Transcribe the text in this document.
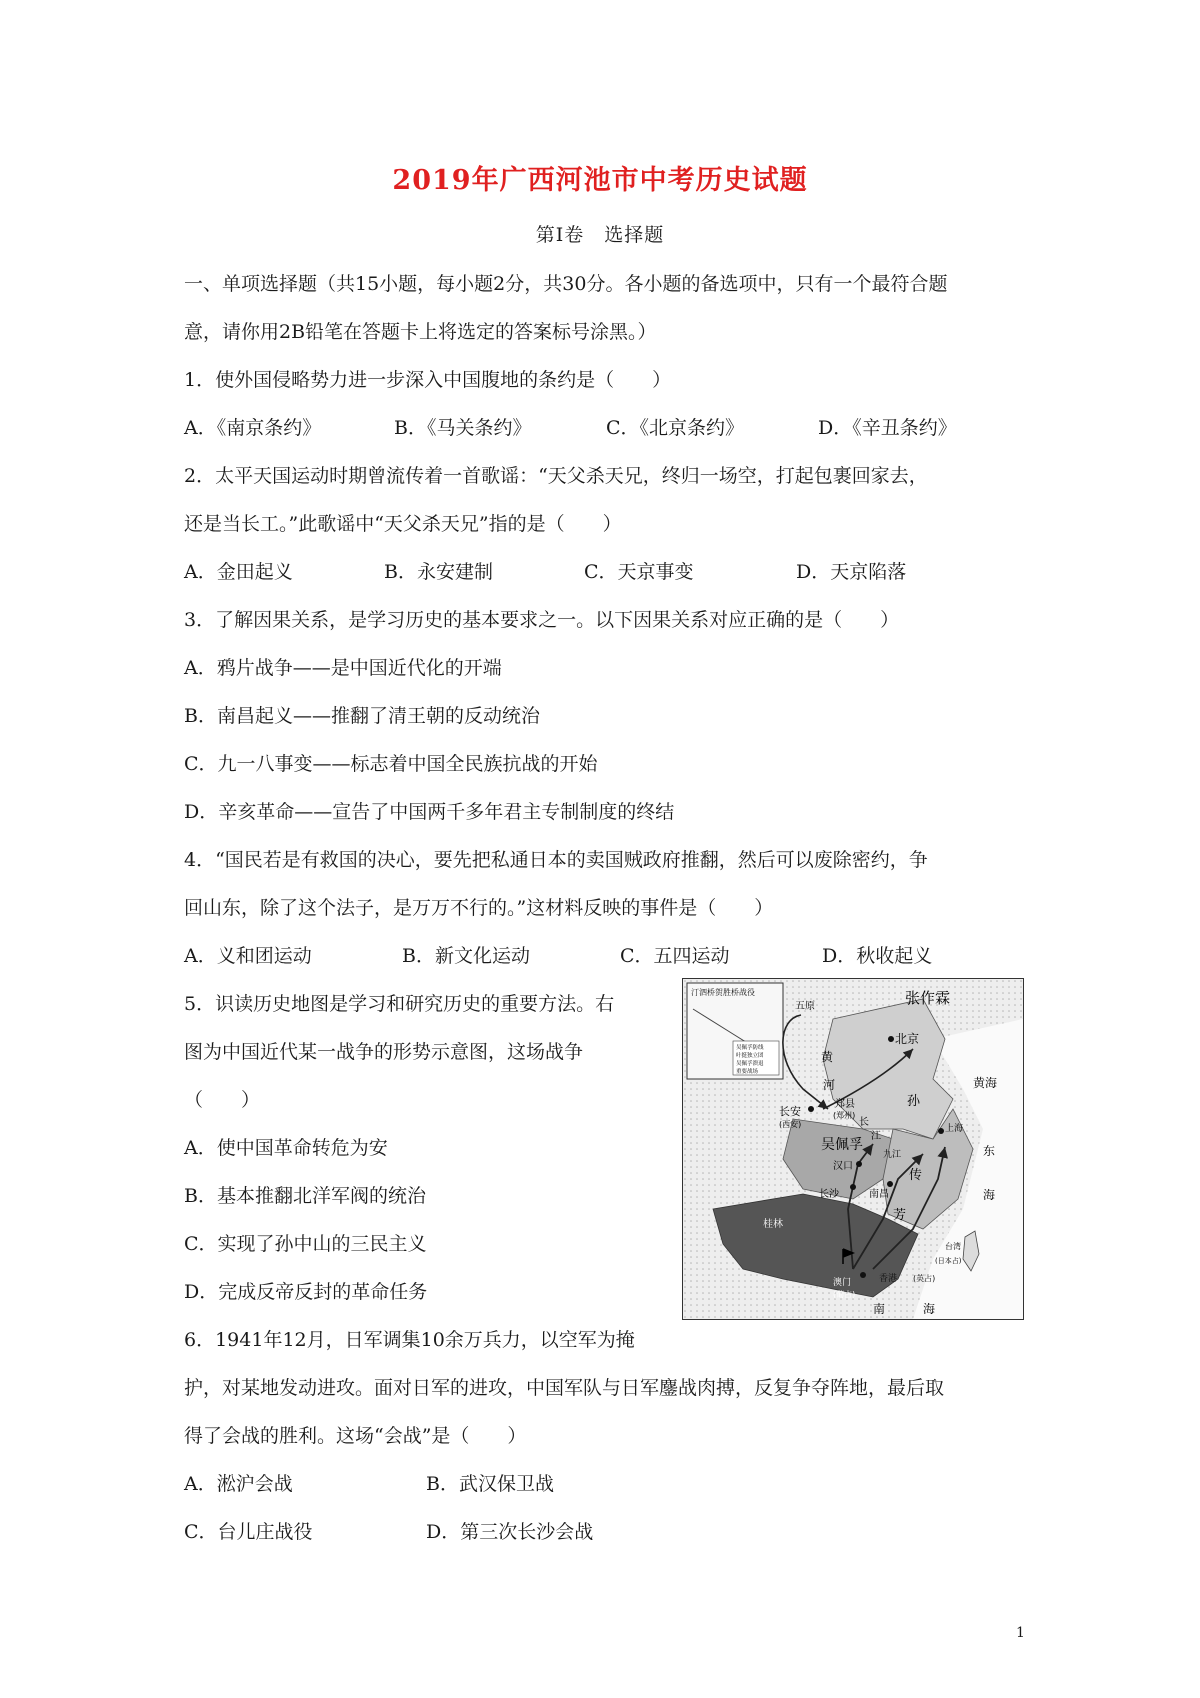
2019年广西河池市中考历史试题
第Ⅰ卷　选择题
一、单项选择题（共15小题，每小题2分，共30分。各小题的备选项中，只有一个最符合题
意，请你用2B铅笔在答题卡上将选定的答案标号涂黑。）
1．使外国侵略势力进一步深入中国腹地的条约是（　　）
A．《南京条约》	B．《马关条约》	C．《北京条约》	D．《辛丑条约》
2．太平天国运动时期曾流传着一首歌谣：“天父杀天兄，终归一场空，打起包裹回家去，
还是当长工。”此歌谣中“天父杀天兄”指的是（　　）
A．金田起义	B．永安建制	C．天京事变	D．天京陷落
3．了解因果关系，是学习历史的基本要求之一。以下因果关系对应正确的是（　　）
A．鸦片战争——是中国近代化的开端
B．南昌起义——推翻了清王朝的反动统治
C．九一八事变——标志着中国全民族抗战的开始
D．辛亥革命——宣告了中国两千多年君主专制制度的终结
4．“国民若是有救国的决心，要先把私通日本的卖国贼政府推翻，然后可以废除密约，争
回山东，除了这个法子，是万万不行的。”这材料反映的事件是（　　）
A．义和团运动	B．新文化运动	C．五四运动	D．秋收起义
5．识读历史地图是学习和研究历史的重要方法。右
图为中国近代某一战争的形势示意图，这场战争
（　　）
A．使中国革命转危为安
B．基本推翻北洋军阀的统治
C．实现了孙中山的三民主义
D．完成反帝反封的革命任务
6．1941年12月，日军调集10余万兵力，以空军为掩
护，对某地发动进攻。面对日军的进攻，中国军队与日军鏖战肉搏，反复争夺阵地，最后取
得了会战的胜利。这场“会战”是（　　）
A．淞沪会战	B．武汉保卫战
C．台儿庄战役	D．第三次长沙会战
汀泗桥贺胜桥战役
吴佩孚防线
叶挺独立团
吴佩孚溃退
重要战场
五原	张作霖
北京
黄
河
长安
(西安)
郑县
(郑州)
吴佩孚
孙
传
芳
汉口
九江
上海
长沙	南昌
长
江
黄海
东
海
台湾
(日本占)
桂林
香港 (英占)
澳门
(葡占)
南	海
1
